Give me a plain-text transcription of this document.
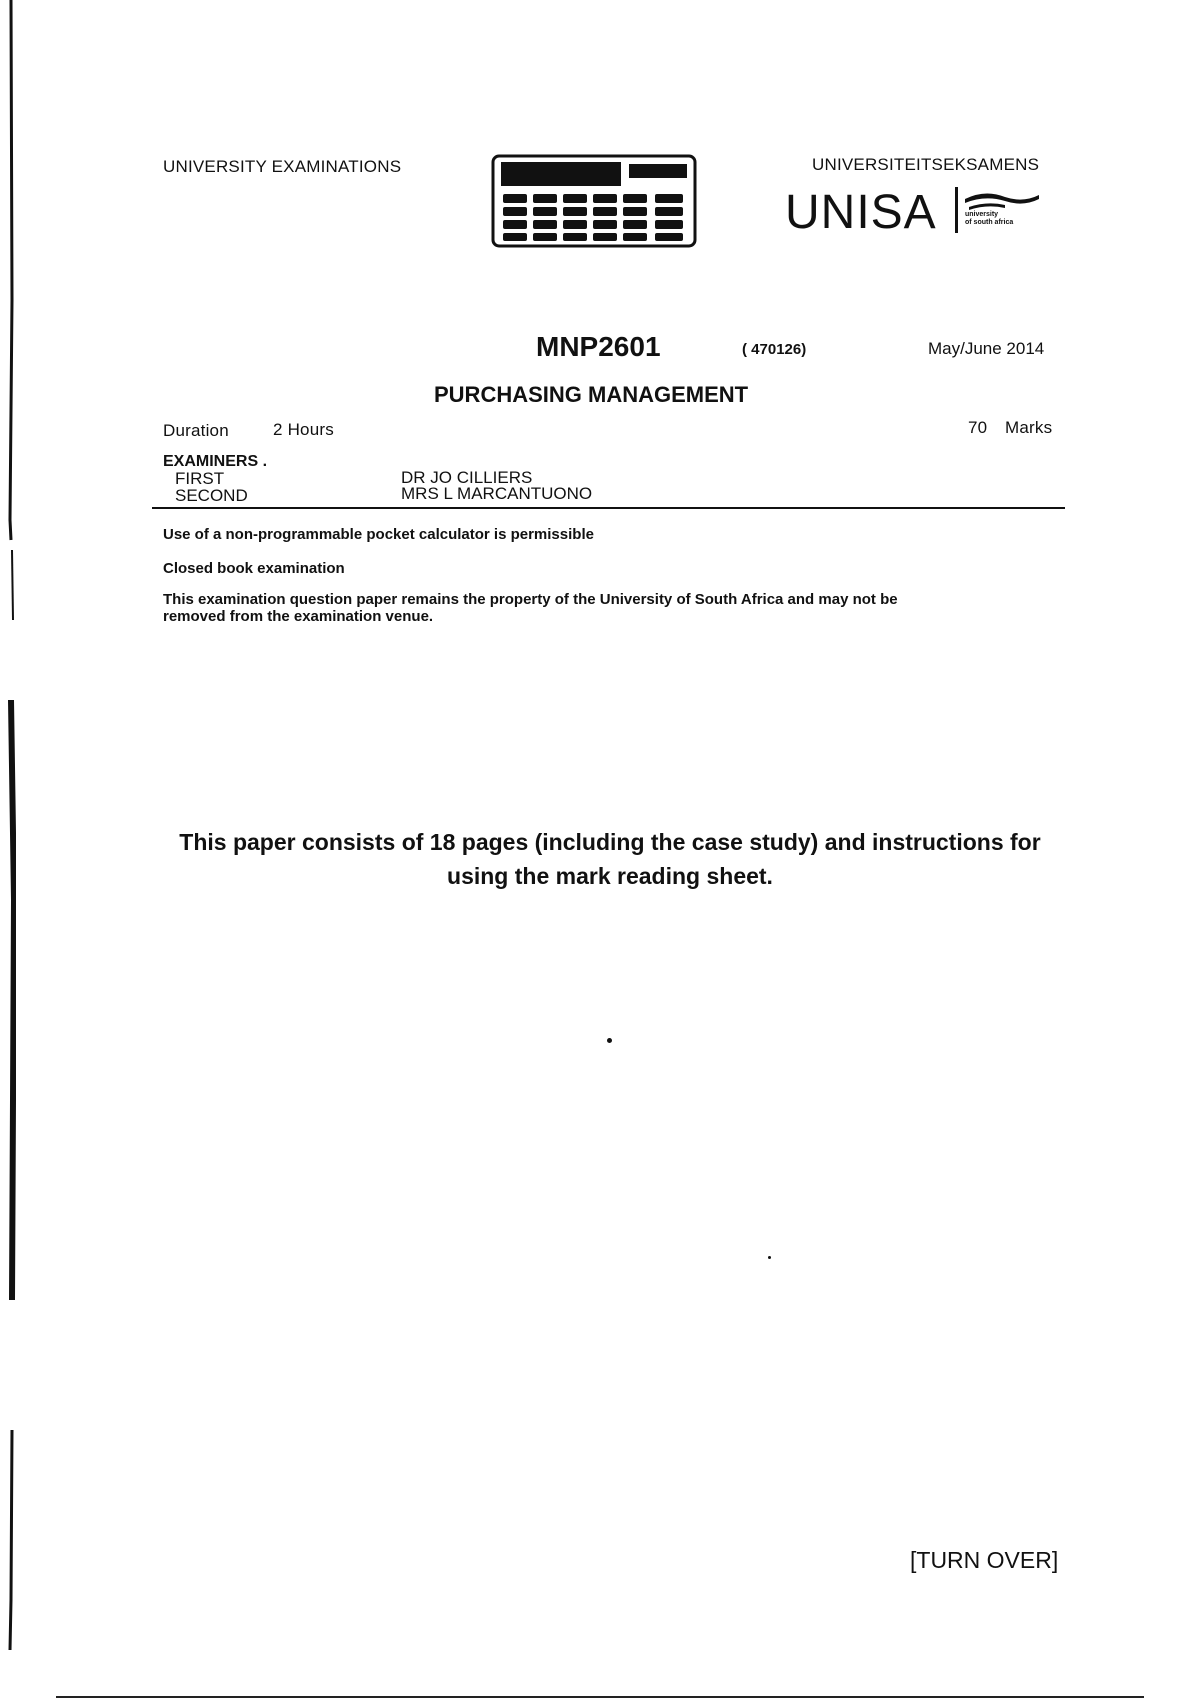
UNIVERSITY EXAMINATIONS	UNIVERSITEITSEKSAMENS
UNISA	university
of south africa
MNP2601	( 470126)	May/June 2014
PURCHASING MANAGEMENT
Duration	2 Hours	70 Marks
EXAMINERS .
FIRST	DR JO CILLIERS
SECOND	MRS L MARCANTUONO
Use of a non-programmable pocket calculator is permissible
Closed book examination
This examination question paper remains the property of the University of South Africa and may not be
removed from the examination venue.
This paper consists of 18 pages (including the case study) and instructions for
using the mark reading sheet.
[TURN OVER]
